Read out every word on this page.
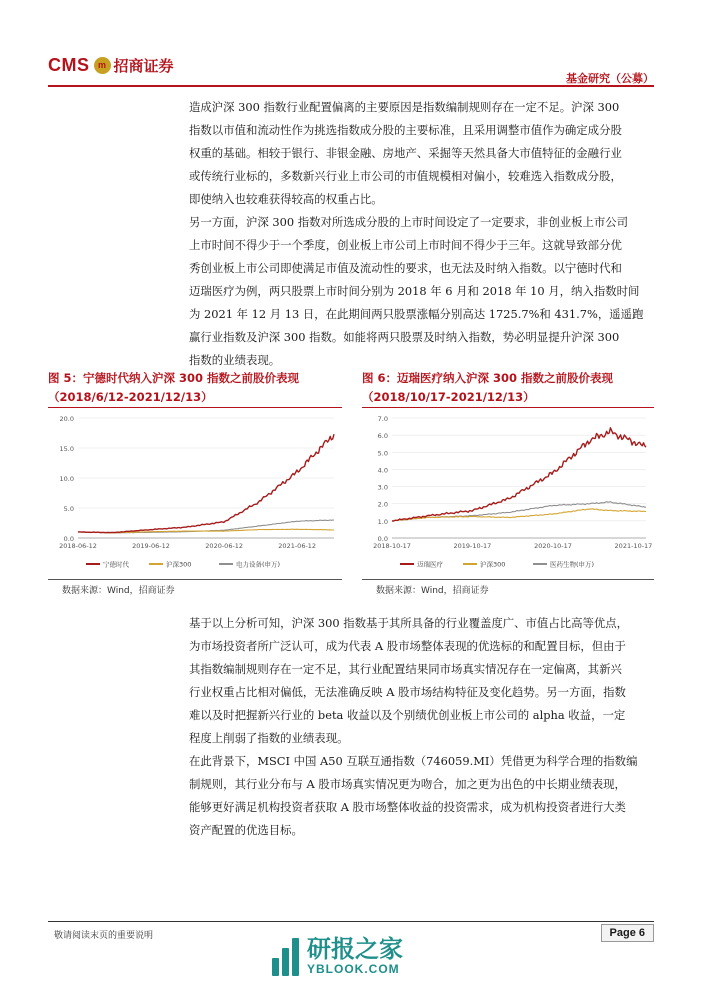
CMS m 招商证券
基金研究（公募）

造成沪深 300 指数行业配置偏离的主要原因是指数编制规则存在一定不足。沪深 300
指数以市值和流动性作为挑选指数成分股的主要标准，且采用调整市值作为确定成分股
权重的基础。相较于银行、非银金融、房地产、采掘等天然具备大市值特征的金融行业
或传统行业标的，多数新兴行业上市公司的市值规模相对偏小，较难选入指数成分股，
即使纳入也较难获得较高的权重占比。

另一方面，沪深 300 指数对所选成分股的上市时间设定了一定要求，非创业板上市公司
上市时间不得少于一个季度，创业板上市公司上市时间不得少于三年。这就导致部分优
秀创业板上市公司即使满足市值及流动性的要求，也无法及时纳入指数。以宁德时代和
迈瑞医疗为例，两只股票上市时间分别为 2018 年 6 月和 2018 年 10 月，纳入指数时间
为 2021 年 12 月 13 日，在此期间两只股票涨幅分别高达 1725.7%和 431.7%，遥遥跑
赢行业指数及沪深 300 指数。如能将两只股票及时纳入指数，势必明显提升沪深 300
指数的业绩表现。

图 5：宁德时代纳入沪深 300 指数之前股价表现
（2018/6/12-2021/12/13）
0.0
5.0
10.0
15.0
20.0
2018-06-12	2019-06-12	2020-06-12	2021-06-12
宁德时代	沪深300	电力设备(申万)
数据来源：Wind，招商证券
图 6：迈瑞医疗纳入沪深 300 指数之前股价表现
（2018/10/17-2021/12/13）
0.0
1.0
2.0
3.0
4.0
5.0
6.0
7.0
2018-10-17	2019-10-17	2020-10-17	2021-10-17
迈瑞医疗	沪深300	医药生物(申万)
数据来源：Wind，招商证券

基于以上分析可知，沪深 300 指数基于其所具备的行业覆盖度广、市值占比高等优点，
为市场投资者所广泛认可，成为代表 A 股市场整体表现的优选标的和配置目标，但由于
其指数编制规则存在一定不足，其行业配置结果同市场真实情况存在一定偏离，其新兴
行业权重占比相对偏低，无法准确反映 A 股市场结构特征及变化趋势。另一方面，指数
难以及时把握新兴行业的 beta 收益以及个别绩优创业板上市公司的 alpha 收益，一定
程度上削弱了指数的业绩表现。

在此背景下，MSCI 中国 A50 互联互通指数（746059.MI）凭借更为科学合理的指数编
制规则，其行业分布与 A 股市场真实情况更为吻合，加之更为出色的中长期业绩表现，
能够更好满足机构投资者获取 A 股市场整体收益的投资需求，成为机构投资者进行大类
资产配置的优选目标。

敬请阅读末页的重要说明	Page 6
研报之家
YBLOOK.COM
